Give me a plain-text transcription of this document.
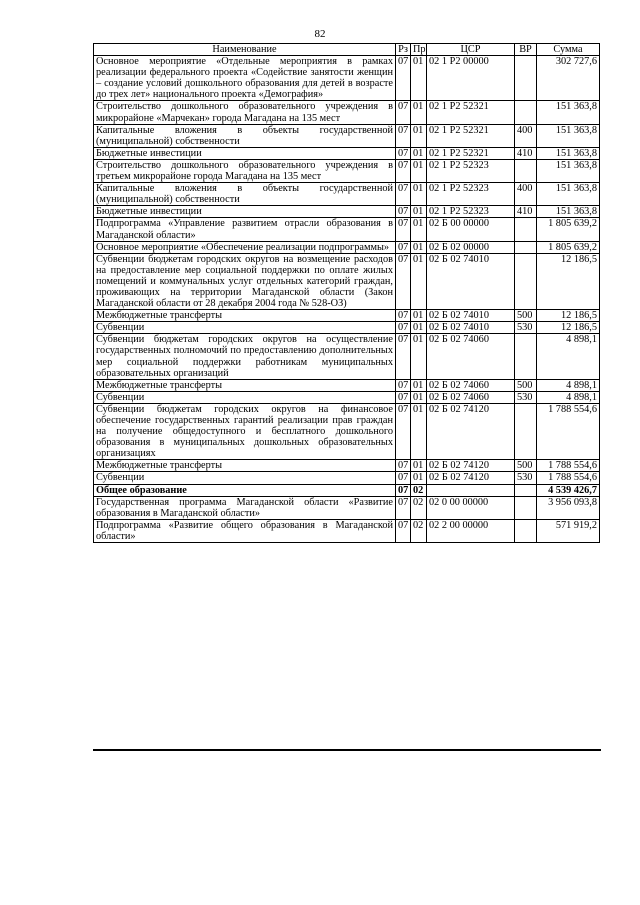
82
Наименование	Рз	Пр	ЦСР	ВР	Сумма
Основное мероприятие «Отдельные мероприятия в рамках реализации федерального проекта «Содействие занятости женщин – создание условий дошкольного образования для детей в возрасте до трех лет» национального проекта «Демография»	07	01	02 1 P2 00000		302 727,6
Строительство дошкольного образовательного учреждения в микрорайоне «Марчекан» города Магадана на 135 мест	07	01	02 1 P2 52321		151 363,8
Капитальные вложения в объекты государственной (муниципальной) собственности	07	01	02 1 P2 52321	400	151 363,8
Бюджетные инвестиции	07	01	02 1 P2 52321	410	151 363,8
Строительство дошкольного образовательного учреждения в третьем микрорайоне города Магадана на 135 мест	07	01	02 1 P2 52323		151 363,8
Капитальные вложения в объекты государственной (муниципальной) собственности	07	01	02 1 P2 52323	400	151 363,8
Бюджетные инвестиции	07	01	02 1 P2 52323	410	151 363,8
Подпрограмма «Управление развитием отрасли образования в Магаданской области»	07	01	02 Б 00 00000		1 805 639,2
Основное мероприятие «Обеспечение реализации подпрограммы»	07	01	02 Б 02 00000		1 805 639,2
Субвенции бюджетам городских округов на возмещение расходов на предоставление мер социальной поддержки по оплате жилых помещений и коммунальных услуг отдельных категорий граждан, проживающих на территории Магаданской области (Закон Магаданской области от 28 декабря 2004 года № 528-ОЗ)	07	01	02 Б 02 74010		12 186,5
Межбюджетные трансферты	07	01	02 Б 02 74010	500	12 186,5
Субвенции	07	01	02 Б 02 74010	530	12 186,5
Субвенции бюджетам городских округов на осуществление государственных полномочий по предоставлению дополнительных мер социальной поддержки работникам муниципальных образовательных организаций	07	01	02 Б 02 74060		4 898,1
Межбюджетные трансферты	07	01	02 Б 02 74060	500	4 898,1
Субвенции	07	01	02 Б 02 74060	530	4 898,1
Субвенции бюджетам городских округов на финансовое обеспечение государственных гарантий реализации прав граждан на получение общедоступного и бесплатного дошкольного образования в муниципальных дошкольных образовательных организациях	07	01	02 Б 02 74120		1 788 554,6
Межбюджетные трансферты	07	01	02 Б 02 74120	500	1 788 554,6
Субвенции	07	01	02 Б 02 74120	530	1 788 554,6
Общее образование	07	02			4 539 426,7
Государственная программа Магаданской области «Развитие образования в Магаданской области»	07	02	02 0 00 00000		3 956 093,8
Подпрограмма «Развитие общего образования в Магаданской области»	07	02	02 2 00 00000		571 919,2
